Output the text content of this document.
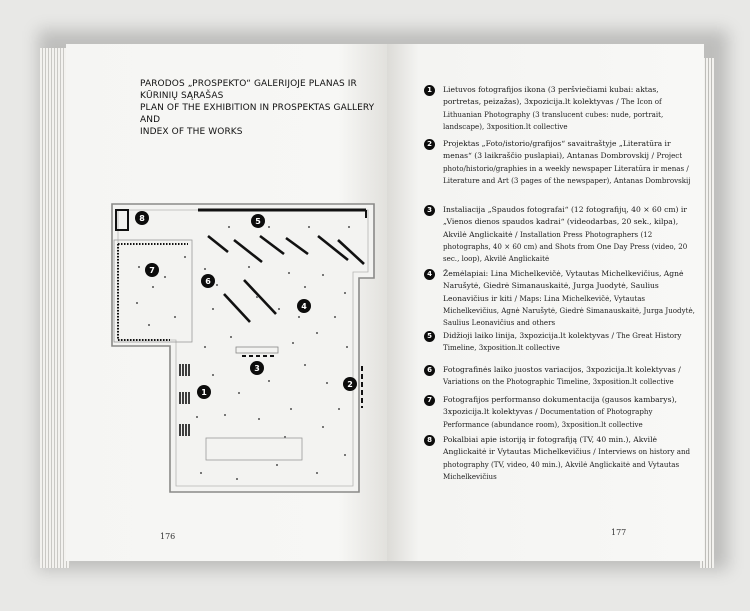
PARODOS „PROSPEKTO“ GALERIJOJE PLANAS IR
KŪRINIŲ SĄRAŠAS
PLAN OF THE EXHIBITION IN PROSPEKTAS GALLERY AND
INDEX OF THE WORKS
1
2
3
4
5
6
7
8
176	177
1	Lietuvos fotografijos ikona (3 peršviečiami kubai: aktas, portretas, peizažas), 3xpozicija.lt kolektyvas / The Icon of Lithuanian Photography (3 translucent cubes: nude, portrait, landscape), 3xposition.lt collective
2	Projektas „Foto/istorio/grafijos“ savaitraštyje „Literatūra ir menas“ (3 laikraščio puslapiai), Antanas Dombrovskij / Project photo/historio/graphies in a weekly newspaper Literatūra ir menas / Literature and Art (3 pages of the newspaper), Antanas Dombrovskij
3	Instaliacija „Spaudos fotografai“ (12 fotografijų, 40 × 60 cm) ir „Vienos dienos spaudos kadrai“ (videodarbas, 20 sek., kilpa), Akvilė Anglickaitė / Installation Press Photographers (12 photographs, 40 × 60 cm) and Shots from One Day Press (video, 20 sec., loop), Akvilė Anglickaitė
4	Žemėlapiai: Lina Michelkevičė, Vytautas Michelkevičius, Agnė Narušytė, Giedrė Simanauskaitė, Jurga Juodytė, Saulius Leonavičius ir kiti / Maps: Lina Michelkevičė, Vytautas Michelkevičius, Agnė Narušytė, Giedrė Simanauskaitė, Jurga Juodytė, Saulius Leonavičius and others
5	Didžioji laiko linija, 3xpozicija.lt kolektyvas / The Great History Timeline, 3xposition.lt collective
6	Fotografinės laiko juostos variacijos, 3xpozicija.lt kolektyvas / Variations on the Photographic Timeline, 3xposition.lt collective
7	Fotografijos performanso dokumentacija (gausos kambarys), 3xpozicija.lt kolektyvas / Documentation of Photography Performance (abundance room), 3xposition.lt collective
8	Pokalbiai apie istoriją ir fotografiją (TV, 40 min.), Akvilė Anglickaitė ir Vytautas Michelkevičius / Interviews on history and photography (TV, video, 40 min.), Akvilė Anglickaitė and Vytautas Michelkevičius
